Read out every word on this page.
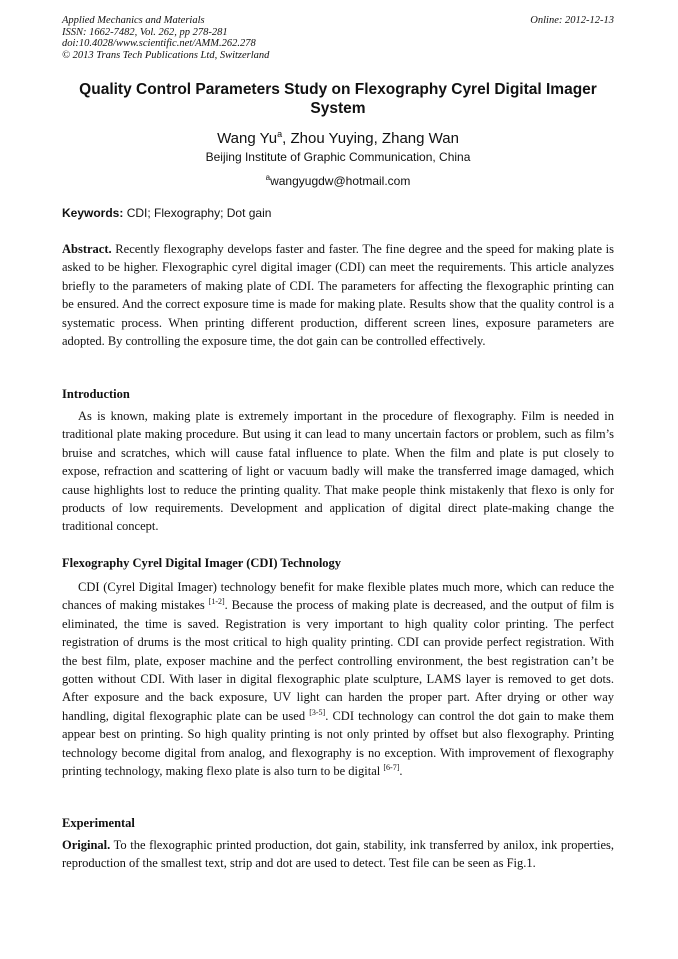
Applied Mechanics and Materials
ISSN: 1662-7482, Vol. 262, pp 278-281
doi:10.4028/www.scientific.net/AMM.262.278
© 2013 Trans Tech Publications Ltd, Switzerland
Online: 2012-12-13
Quality Control Parameters Study on Flexography Cyrel Digital Imager System
Wang Yu$^a$, Zhou Yuying, Zhang Wan
Beijing Institute of Graphic Communication, China
$^a$wangyugdw@hotmail.com
Keywords: CDI; Flexography; Dot gain
Abstract. Recently flexography develops faster and faster. The fine degree and the speed for making plate is asked to be higher. Flexographic cyrel digital imager (CDI) can meet the requirements. This article analyzes briefly to the parameters of making plate of CDI. The parameters for affecting the flexographic printing can be ensured. And the correct exposure time is made for making plate. Results show that the quality control is a systematic process. When printing different production, different screen lines, exposure parameters are adopted. By controlling the exposure time, the dot gain can be controlled effectively.
Introduction
As is known, making plate is extremely important in the procedure of flexography. Film is needed in traditional plate making procedure. But using it can lead to many uncertain factors or problem, such as film’s bruise and scratches, which will cause fatal influence to plate. When the film and plate is put closely to expose, refraction and scattering of light or vacuum badly will make the transferred image damaged, which cause highlights lost to reduce the printing quality. That make people think mistakenly that flexo is only for products of low requirements. Development and application of digital direct plate-making change the traditional concept.
Flexography Cyrel Digital Imager (CDI) Technology
CDI (Cyrel Digital Imager) technology benefit for make flexible plates much more, which can reduce the chances of making mistakes [1-2]. Because the process of making plate is decreased, and the output of film is eliminated, the time is saved. Registration is very important to high quality color printing. The perfect registration of drums is the most critical to high quality printing. CDI can provide perfect registration. With the best film, plate, exposer machine and the perfect controlling environment, the best registration can’t be gotten without CDI. With laser in digital flexographic plate sculpture, LAMS layer is removed to get dots. After exposure and the back exposure, UV light can harden the proper part. After drying or other way handling, digital flexographic plate can be used [3-5]. CDI technology can control the dot gain to make them appear best on printing. So high quality printing is not only printed by offset but also flexography. Printing technology become digital from analog, and flexography is no exception. With improvement of flexography printing technology, making flexo plate is also turn to be digital [6-7].
Experimental
Original. To the flexographic printed production, dot gain, stability, ink transferred by anilox, ink properties, reproduction of the smallest text, strip and dot are used to detect. Test file can be seen as Fig.1.
